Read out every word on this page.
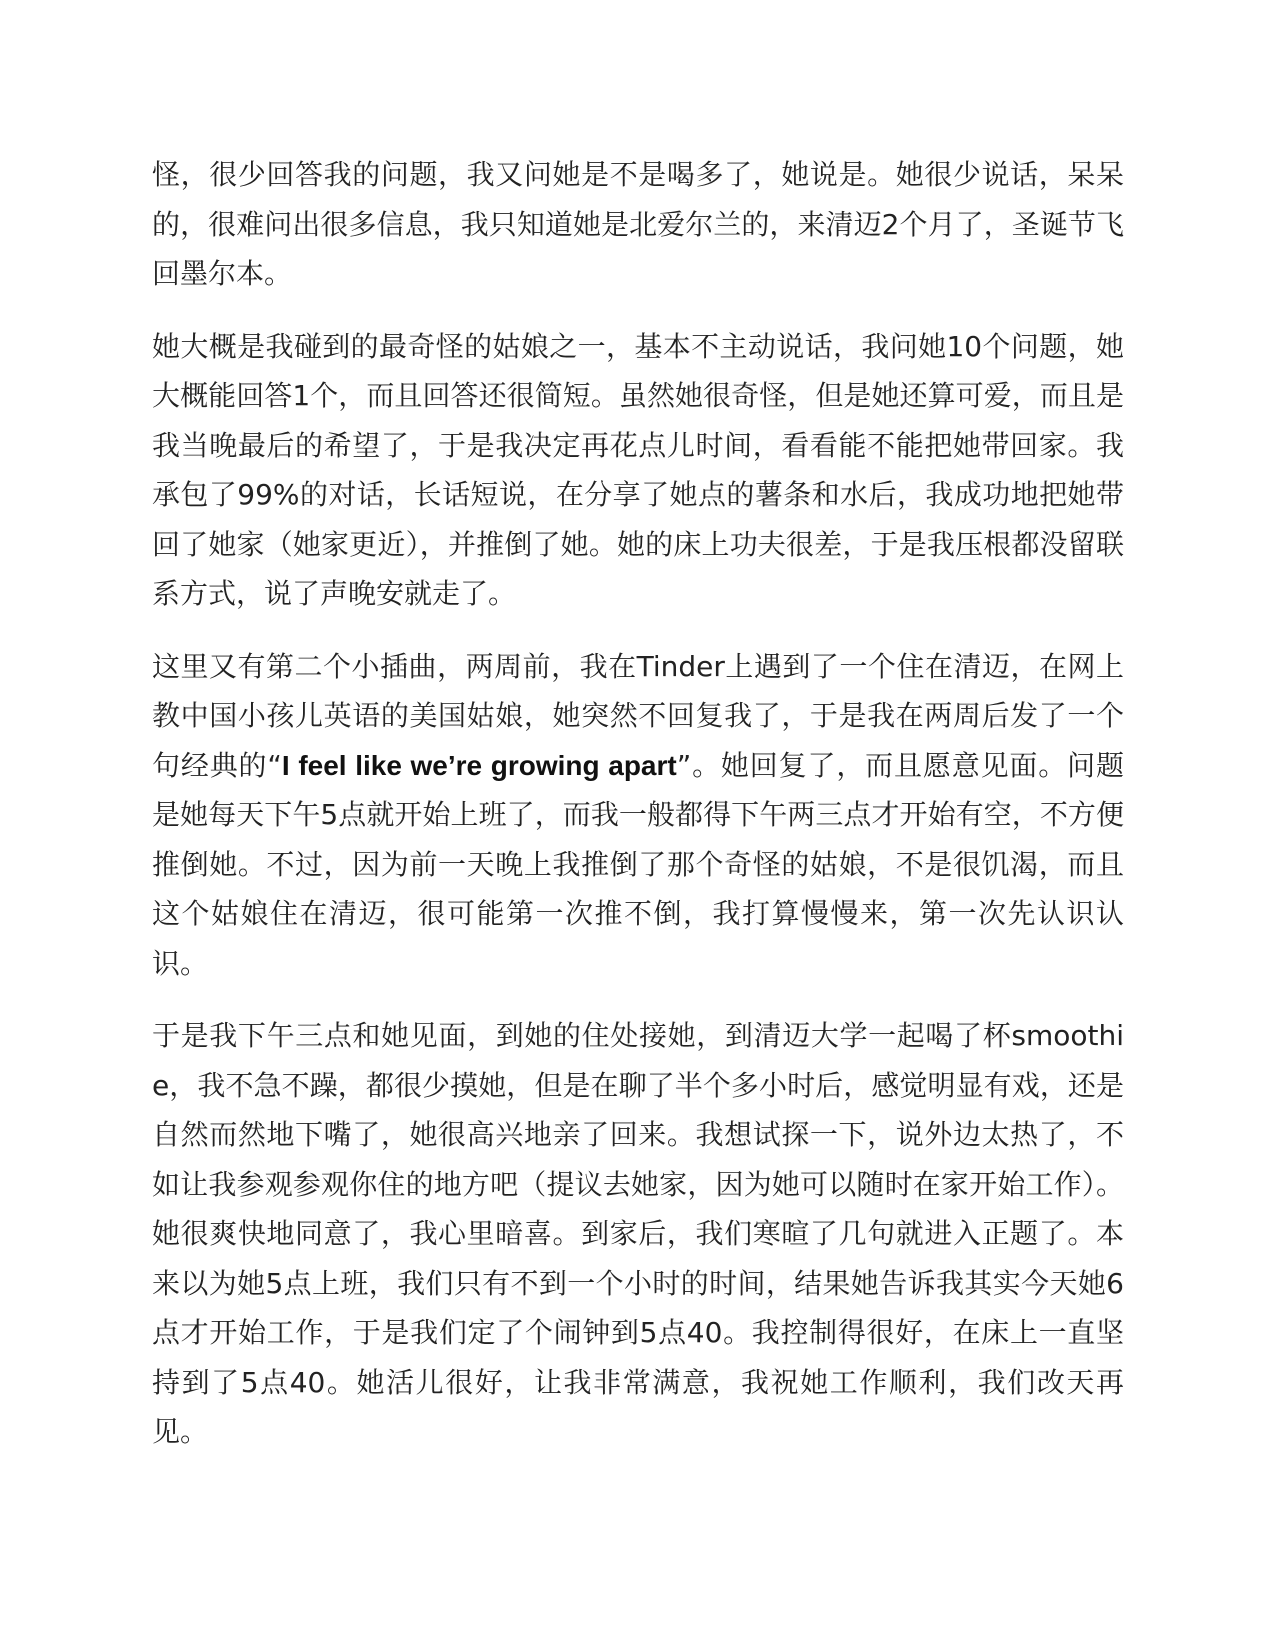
怪，很少回答我的问题，我又问她是不是喝多了，她说是。她很少说话，呆呆的，很难问出很多信息，我只知道她是北爱尔兰的，来清迈2个月了，圣诞节飞回墨尔本。

她大概是我碰到的最奇怪的姑娘之一，基本不主动说话，我问她10个问题，她大概能回答1个，而且回答还很简短。虽然她很奇怪，但是她还算可爱，而且是我当晚最后的希望了，于是我决定再花点儿时间，看看能不能把她带回家。我承包了99%的对话，长话短说，在分享了她点的薯条和水后，我成功地把她带回了她家（她家更近），并推倒了她。她的床上功夫很差，于是我压根都没留联系方式，说了声晚安就走了。

这里又有第二个小插曲，两周前，我在Tinder上遇到了一个住在清迈，在网上教中国小孩儿英语的美国姑娘，她突然不回复我了，于是我在两周后发了一个句经典的“I feel like we’re growing apart”。她回复了，而且愿意见面。问题是她每天下午5点就开始上班了，而我一般都得下午两三点才开始有空，不方便推倒她。不过，因为前一天晚上我推倒了那个奇怪的姑娘，不是很饥渴，而且这个姑娘住在清迈，很可能第一次推不倒，我打算慢慢来，第一次先认识认识。

于是我下午三点和她见面，到她的住处接她，到清迈大学一起喝了杯smoothie，我不急不躁，都很少摸她，但是在聊了半个多小时后，感觉明显有戏，还是自然而然地下嘴了，她很高兴地亲了回来。我想试探一下，说外边太热了，不如让我参观参观你住的地方吧（提议去她家，因为她可以随时在家开始工作）。她很爽快地同意了，我心里暗喜。到家后，我们寒暄了几句就进入正题了。本来以为她5点上班，我们只有不到一个小时的时间，结果她告诉我其实今天她6点才开始工作，于是我们定了个闹钟到5点40。我控制得很好，在床上一直坚持到了5点40。她活儿很好，让我非常满意，我祝她工作顺利，我们改天再见。
